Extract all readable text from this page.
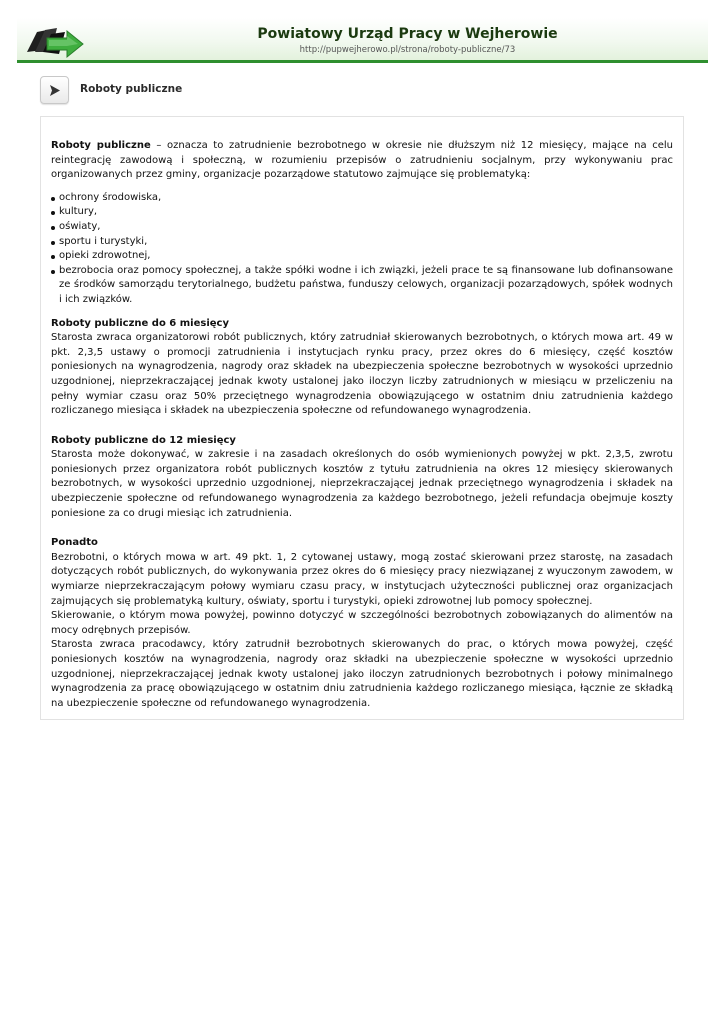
Powiatowy Urząd Pracy w Wejherowie
http://pupwejherowo.pl/strona/roboty-publiczne/73
Roboty publiczne

Roboty publiczne – oznacza to zatrudnienie bezrobotnego w okresie nie dłuższym niż 12 miesięcy, mające na celu reintegrację zawodową i społeczną, w rozumieniu przepisów o zatrudnieniu socjalnym, przy wykonywaniu prac organizowanych przez gminy, organizacje pozarządowe statutowo zajmujące się problematyką:

ochrony środowiska,
kultury,
oświaty,
sportu i turystyki,
opieki zdrowotnej,
bezrobocia oraz pomocy społecznej, a także spółki wodne i ich związki, jeżeli prace te są finansowane lub dofinansowane ze środków samorządu terytorialnego, budżetu państwa, funduszy celowych, organizacji pozarządowych, spółek wodnych i ich związków.

Roboty publiczne do 6 miesięcy

Starosta zwraca organizatorowi robót publicznych, który zatrudniał skierowanych bezrobotnych, o których mowa art. 49 w pkt. 2,3,5 ustawy o promocji zatrudnienia i instytucjach rynku pracy, przez okres do 6 miesięcy, część kosztów poniesionych na wynagrodzenia, nagrody oraz składek na ubezpieczenia społeczne bezrobotnych w wysokości uprzednio uzgodnionej, nieprzekraczającej jednak kwoty ustalonej jako iloczyn liczby zatrudnionych w miesiącu w przeliczeniu na pełny wymiar czasu oraz 50% przeciętnego wynagrodzenia obowiązującego w ostatnim dniu zatrudnienia każdego rozliczanego miesiąca i składek na ubezpieczenia społeczne od refundowanego wynagrodzenia.

Roboty publiczne do 12 miesięcy

Starosta może dokonywać, w zakresie i na zasadach określonych do osób wymienionych powyżej w pkt. 2,3,5, zwrotu poniesionych przez organizatora robót publicznych kosztów z tytułu zatrudnienia na okres 12 miesięcy skierowanych bezrobotnych, w wysokości uprzednio uzgodnionej, nieprzekraczającej jednak przeciętnego wynagrodzenia i składek na ubezpieczenie społeczne od refundowanego wynagrodzenia za każdego bezrobotnego, jeżeli refundacja obejmuje koszty poniesione za co drugi miesiąc ich zatrudnienia.

Ponadto

Bezrobotni, o których mowa w art. 49 pkt. 1, 2 cytowanej ustawy, mogą zostać skierowani przez starostę, na zasadach dotyczących robót publicznych, do wykonywania przez okres do 6 miesięcy pracy niezwiązanej z wyuczonym zawodem, w wymiarze nieprzekraczającym połowy wymiaru czasu pracy, w instytucjach użyteczności publicznej oraz organizacjach zajmujących się problematyką kultury, oświaty, sportu i turystyki, opieki zdrowotnej lub pomocy społecznej.

Skierowanie, o którym mowa powyżej, powinno dotyczyć w szczególności bezrobotnych zobowiązanych do alimentów na mocy odrębnych przepisów.

Starosta zwraca pracodawcy, który zatrudnił bezrobotnych skierowanych do prac, o których mowa powyżej, część poniesionych kosztów na wynagrodzenia, nagrody oraz składki na ubezpieczenie społeczne w wysokości uprzednio uzgodnionej, nieprzekraczającej jednak kwoty ustalonej jako iloczyn zatrudnionych bezrobotnych i połowy minimalnego wynagrodzenia za pracę obowiązującego w ostatnim dniu zatrudnienia każdego rozliczanego miesiąca, łącznie ze składką na ubezpieczenie społeczne od refundowanego wynagrodzenia.
